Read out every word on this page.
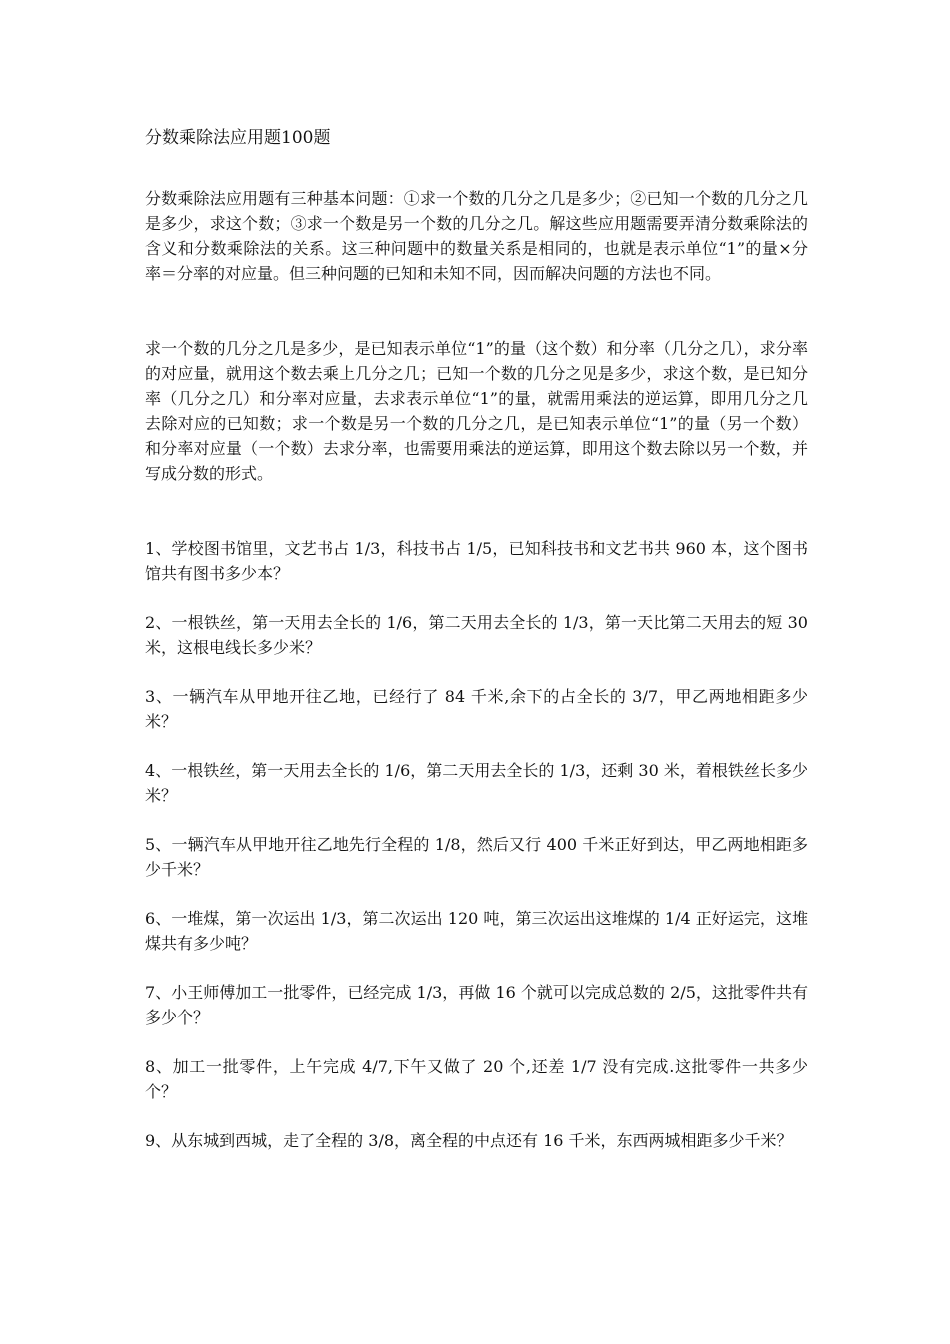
分数乘除法应用题100题

分数乘除法应用题有三种基本问题：①求一个数的几分之几是多少；②已知一个数的几分之几是多少，求这个数；③求一个数是另一个数的几分之几。解这些应用题需要弄清分数乘除法的含义和分数乘除法的关系。这三种问题中的数量关系是相同的，也就是表示单位“1”的量×分率＝分率的对应量。但三种问题的已知和未知不同，因而解决问题的方法也不同。

求一个数的几分之几是多少，是已知表示单位“1”的量（这个数）和分率（几分之几），求分率的对应量，就用这个数去乘上几分之几；已知一个数的几分之见是多少，求这个数，是已知分率（几分之几）和分率对应量，去求表示单位“1”的量，就需用乘法的逆运算，即用几分之几去除对应的已知数；求一个数是另一个数的几分之几，是已知表示单位“1”的量（另一个数）和分率对应量（一个数）去求分率，也需要用乘法的逆运算，即用这个数去除以另一个数，并写成分数的形式。

1、学校图书馆里，文艺书占 1/3，科技书占 1/5，已知科技书和文艺书共 960 本，这个图书馆共有图书多少本？

2、一根铁丝，第一天用去全长的 1/6，第二天用去全长的 1/3，第一天比第二天用去的短 30 米，这根电线长多少米？

3、一辆汽车从甲地开往乙地，已经行了 84 千米,余下的占全长的 3/7，甲乙两地相距多少米？

4、一根铁丝，第一天用去全长的 1/6，第二天用去全长的 1/3，还剩 30 米，着根铁丝长多少米？

5、一辆汽车从甲地开往乙地先行全程的 1/8，然后又行 400 千米正好到达，甲乙两地相距多少千米？

6、一堆煤，第一次运出 1/3，第二次运出 120 吨，第三次运出这堆煤的 1/4 正好运完，这堆煤共有多少吨？

7、小王师傅加工一批零件，已经完成 1/3，再做 16 个就可以完成总数的 2/5，这批零件共有多少个？

8、加工一批零件，上午完成 4/7,下午又做了 20 个,还差 1/7 没有完成.这批零件一共多少个？

9、从东城到西城，走了全程的 3/8，离全程的中点还有 16 千米，东西两城相距多少千米？
